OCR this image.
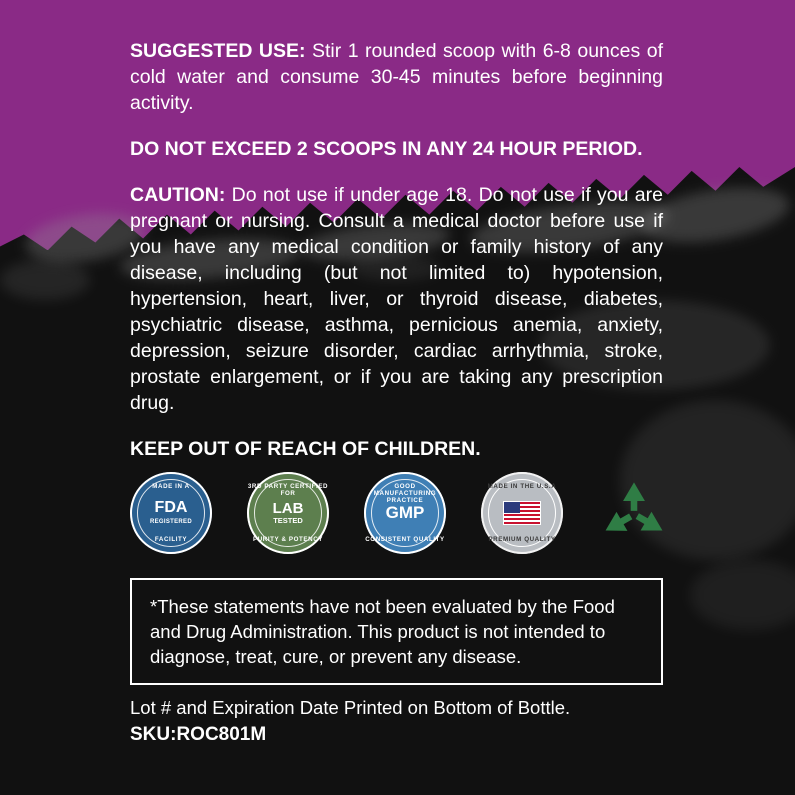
SUGGESTED USE: Stir 1 rounded scoop with 6-8 ounces of cold water and consume 30-45 minutes before beginning activity.

DO NOT EXCEED 2 SCOOPS IN ANY 24 HOUR PERIOD.

CAUTION: Do not use if under age 18. Do not use if you are pregnant or nursing. Consult a medical doctor before use if you have any medical condition or family history of any disease, including (but not limited to) hypotension, hypertension, heart, liver, or thyroid disease, diabetes, psychiatric disease, asthma, pernicious anemia, anxiety, depression, seizure disorder, cardiac arrhythmia, stroke, prostate enlargement, or if you are taking any prescription drug.

KEEP OUT OF REACH OF CHILDREN.

MADE IN A
FDA
REGISTERED
FACILITY
3RD PARTY CERTIFIED FOR
LAB
TESTED
PURITY & POTENCY
GOOD MANUFACTURING PRACTICE
GMP
CONSISTENT QUALITY
MADE IN THE U.S.A
PREMIUM QUALITY

*These statements have not been evaluated by the Food and Drug Administration. This product is not intended to diagnose, treat, cure, or prevent any disease.

Lot # and Expiration Date Printed on Bottom of Bottle.

SKU:ROC801M
